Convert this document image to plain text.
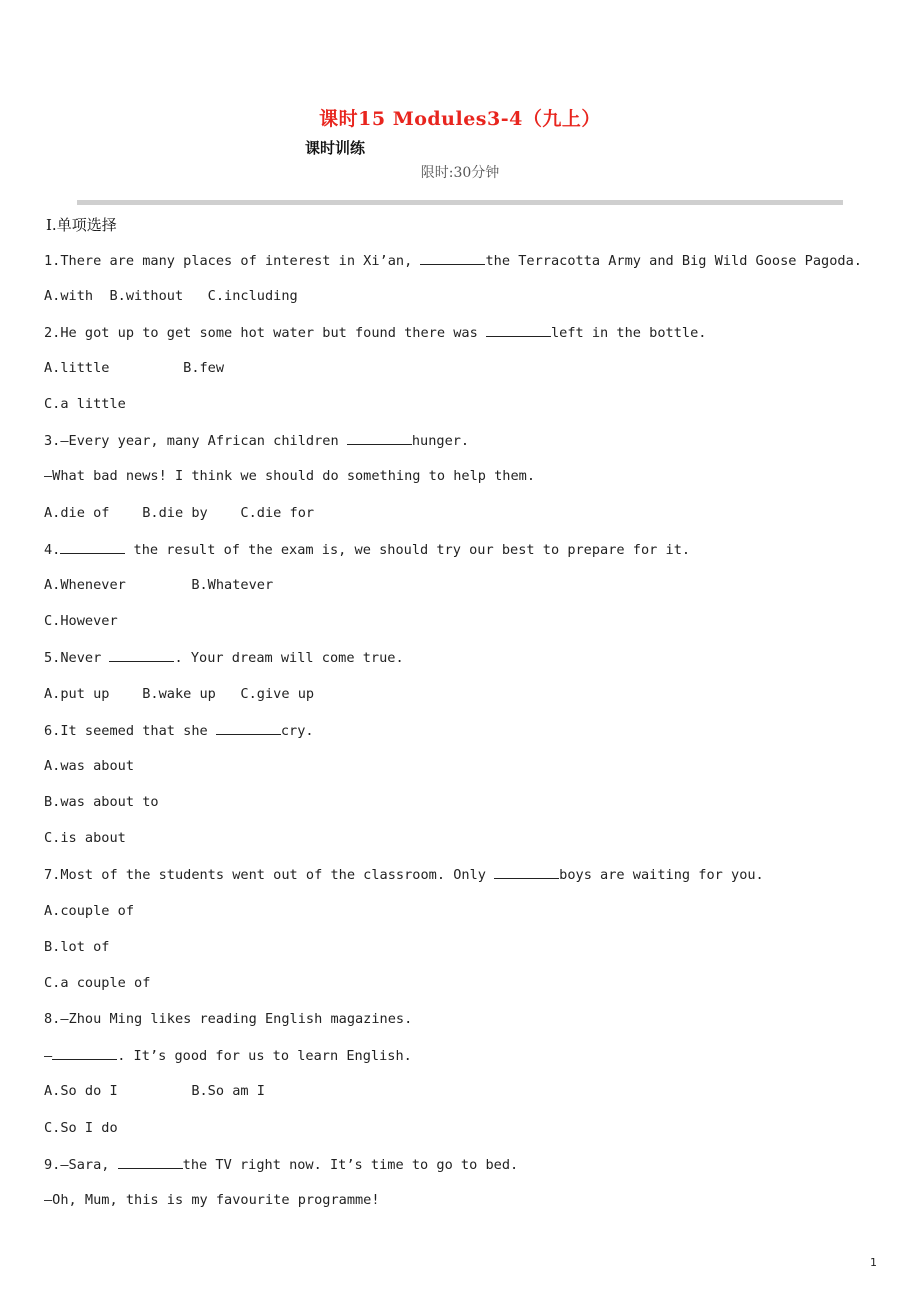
课时15 Modules3-4（九上）
课时训练
限时:30分钟
Ⅰ.单项选择
1.There are many places of interest in Xi’an,	the Terracotta Army and Big Wild Goose Pagoda.
A.with  B.without   C.including
2.He got up to get some hot water but found there was	left in the bottle.
A.little         B.few
C.a little
3.—Every year, many African children	hunger.
—What bad news! I think we should do something to help them.
A.die of    B.die by    C.die for
4.	the result of the exam is, we should try our best to prepare for it.
A.Whenever        B.Whatever
C.However
5.Never	. Your dream will come true.
A.put up    B.wake up   C.give up
6.It seemed that she	cry.
A.was about
B.was about to
C.is about
7.Most of the students went out of the classroom. Only	boys are waiting for you.
A.couple of
B.lot of
C.a couple of
8.—Zhou Ming likes reading English magazines.
—	. It’s good for us to learn English.
A.So do I         B.So am I
C.So I do
9.—Sara,	the TV right now. It’s time to go to bed.
—Oh, Mum, this is my favourite programme!
1
